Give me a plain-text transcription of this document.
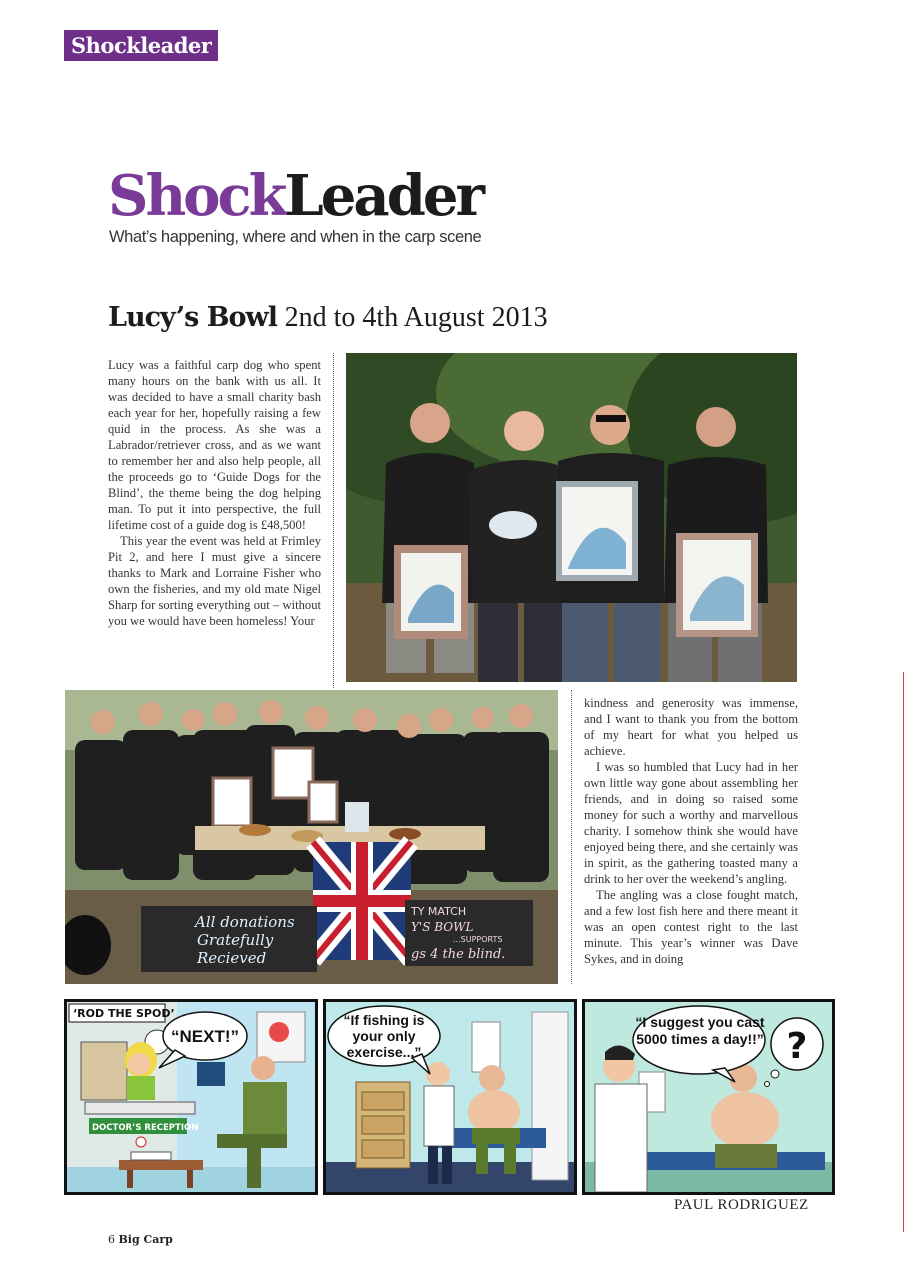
Shockleader
ShockLeader
What’s happening, where and when in the carp scene
Lucy’s Bowl 2nd to 4th August 2013

Lucy was a faithful carp dog who spent many hours on the bank with us all. It was decided to have a small charity bash each year for her, hopefully raising a few quid in the process. As she was a Labrador/retriever cross, and as we want to remember her and also help people, all the proceeds go to ‘Guide Dogs for the Blind’, the theme being the dog helping man. To put it into perspective, the full lifetime cost of a guide dog is £48,500!

This year the event was held at Frimley Pit 2, and here I must give a sincere thanks to Mark and Lorraine Fisher who own the fisheries, and my old mate Nigel Sharp for sorting everything out – without you we would have been homeless! Your

All donations
Gratefully
Recieved
TY MATCH
Y'S BOWL
...SUPPORTS
gs 4 the blind.

kindness and generosity was immense, and I want to thank you from the bottom of my heart for what you helped us achieve.

I was so humbled that Lucy had in her own little way gone about assembling her friends, and in doing so raised some money for such a worthy and marvellous charity. I somehow think she would have enjoyed being there, and she certainly was in spirit, as the gathering toasted many a drink to her over the weekend’s angling.

The angling was a close fought match, and a few lost fish here and there meant it was an open contest right to the last minute. This year’s winner was Dave Sykes, and in doing

DOCTOR’S RECEPTION
‘ROD THE SPOD’
“NEXT!”
“If fishing is your only exercise...”
“I suggest you cast 5000 times a day!!” ?
PAUL RODRIGUEZ
6 Big Carp
